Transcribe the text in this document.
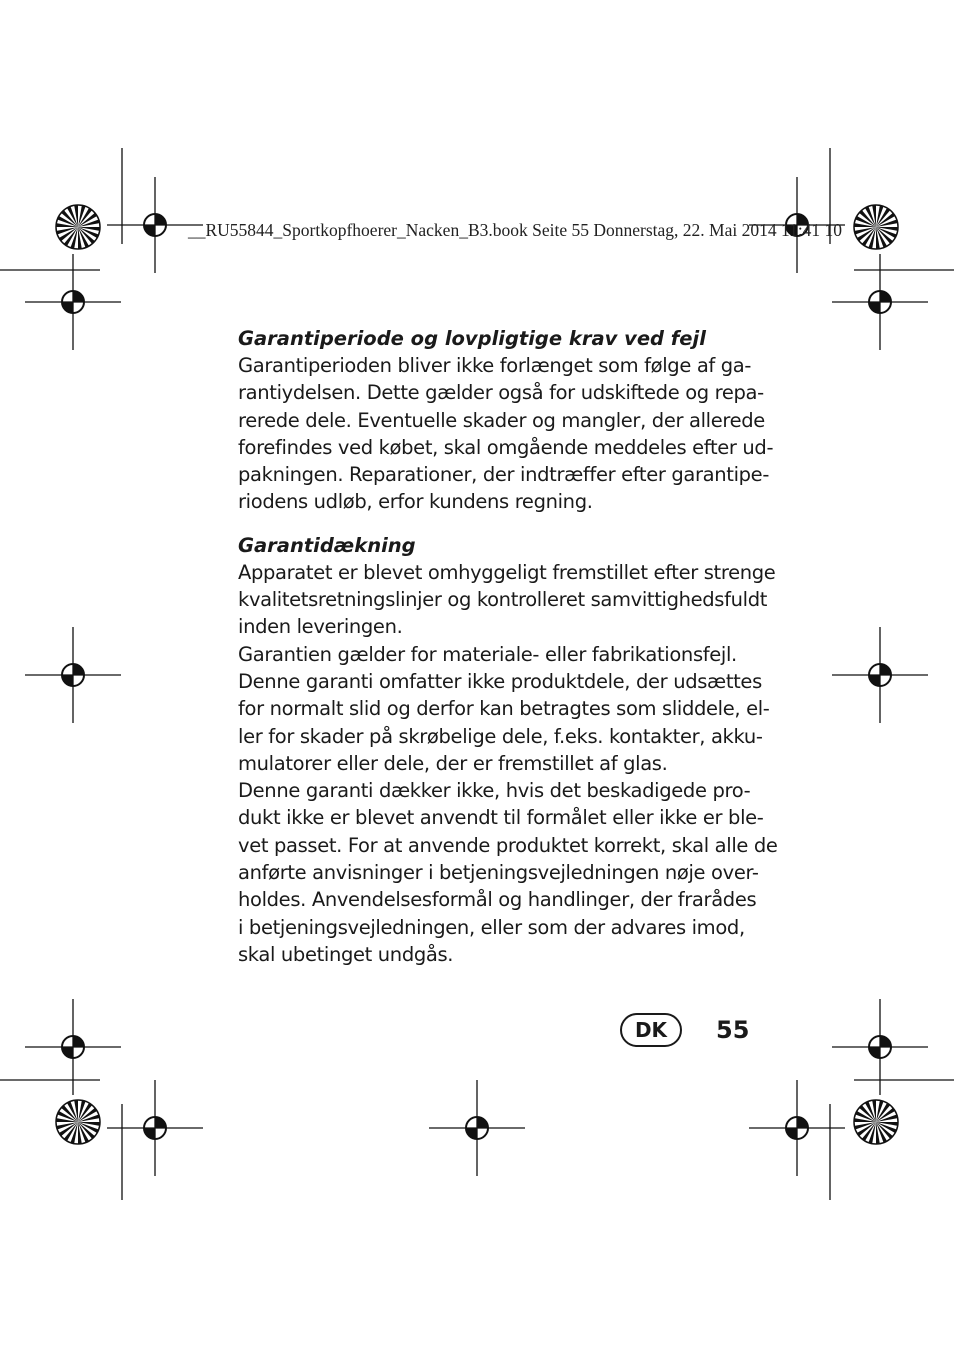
__RU55844_Sportkopfhoerer_Nacken_B3.book Seite 55 Donnerstag, 22. Mai 2014 11:41 10

Garantiperiode og lovpligtige krav ved fejl

Garantiperioden bliver ikke forlænget som følge af ga-

rantiydelsen. Dette gælder også for udskiftede og repa-

rerede dele. Eventuelle skader og mangler, der allerede

forefindes ved købet, skal omgående meddeles efter ud-

pakningen. Reparationer, der indtræffer efter garantipe-

riodens udløb, erfor kundens regning.

Garantidækning

Apparatet er blevet omhyggeligt fremstillet efter strenge

kvalitetsretningslinjer og kontrolleret samvittighedsfuldt

inden leveringen.

Garantien gælder for materiale- eller fabrikationsfejl.

Denne garanti omfatter ikke produktdele, der udsættes

for normalt slid og derfor kan betragtes som sliddele, el-

ler for skader på skrøbelige dele, f.eks. kontakter, akku-

mulatorer eller dele, der er fremstillet af glas.

Denne garanti dækker ikke, hvis det beskadigede pro-

dukt ikke er blevet anvendt til formålet eller ikke er ble-

vet passet. For at anvende produktet korrekt, skal alle de

anførte anvisninger i betjeningsvejledningen nøje over-

holdes. Anvendelsesformål og handlinger, der frarådes

i betjeningsvejledningen, eller som der advares imod,

skal ubetinget undgås.

DK	55
